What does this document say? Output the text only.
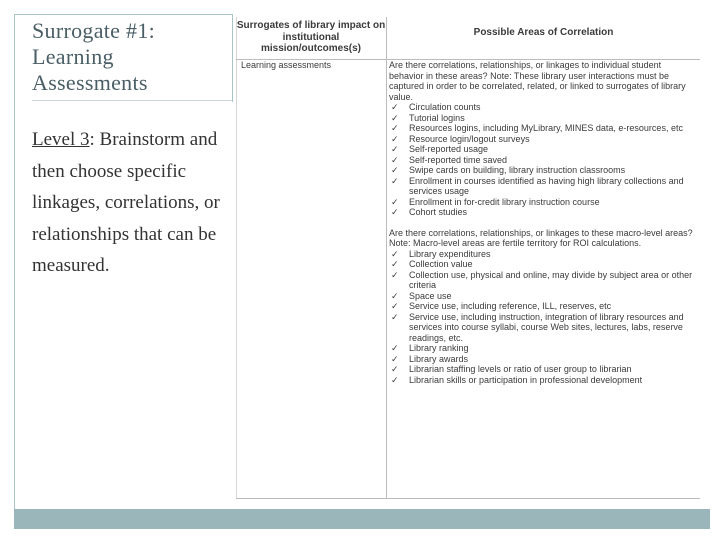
Surrogate #1:
Learning
Assessments
Level 3: Brainstorm and then choose specific linkages, correlations, or relationships that can be measured.
Surrogates of library impact on institutional mission/outcomes(s)
Possible Areas of Correlation
Learning assessments	Are there correlations, relationships, or linkages to individual student behavior in these areas? Note: These library user interactions must be captured in order to be correlated, related, or linked to surrogates of library value.

✓ Circulation counts
✓ Tutorial logins
✓ Resources logins, including MyLibrary, MINES data, e-resources, etc
✓ Resource login/logout surveys
✓ Self-reported usage
✓ Self-reported time saved
✓ Swipe cards on building, library instruction classrooms
✓ Enrollment in courses identified as having high library collections and services usage
✓ Enrollment in for-credit library instruction course
✓ Cohort studies

Are there correlations, relationships, or linkages to these macro-level areas? Note: Macro-level areas are fertile territory for ROI calculations.

✓ Library expenditures
✓ Collection value
✓ Collection use, physical and online, may divide by subject area or other criteria
✓ Space use
✓ Service use, including reference, ILL, reserves, etc
✓ Service use, including instruction, integration of library resources and services into course syllabi, course Web sites, lectures, labs, reserve readings, etc.
✓ Library ranking
✓ Library awards
✓ Librarian staffing levels or ratio of user group to librarian
✓ Librarian skills or participation in professional development
